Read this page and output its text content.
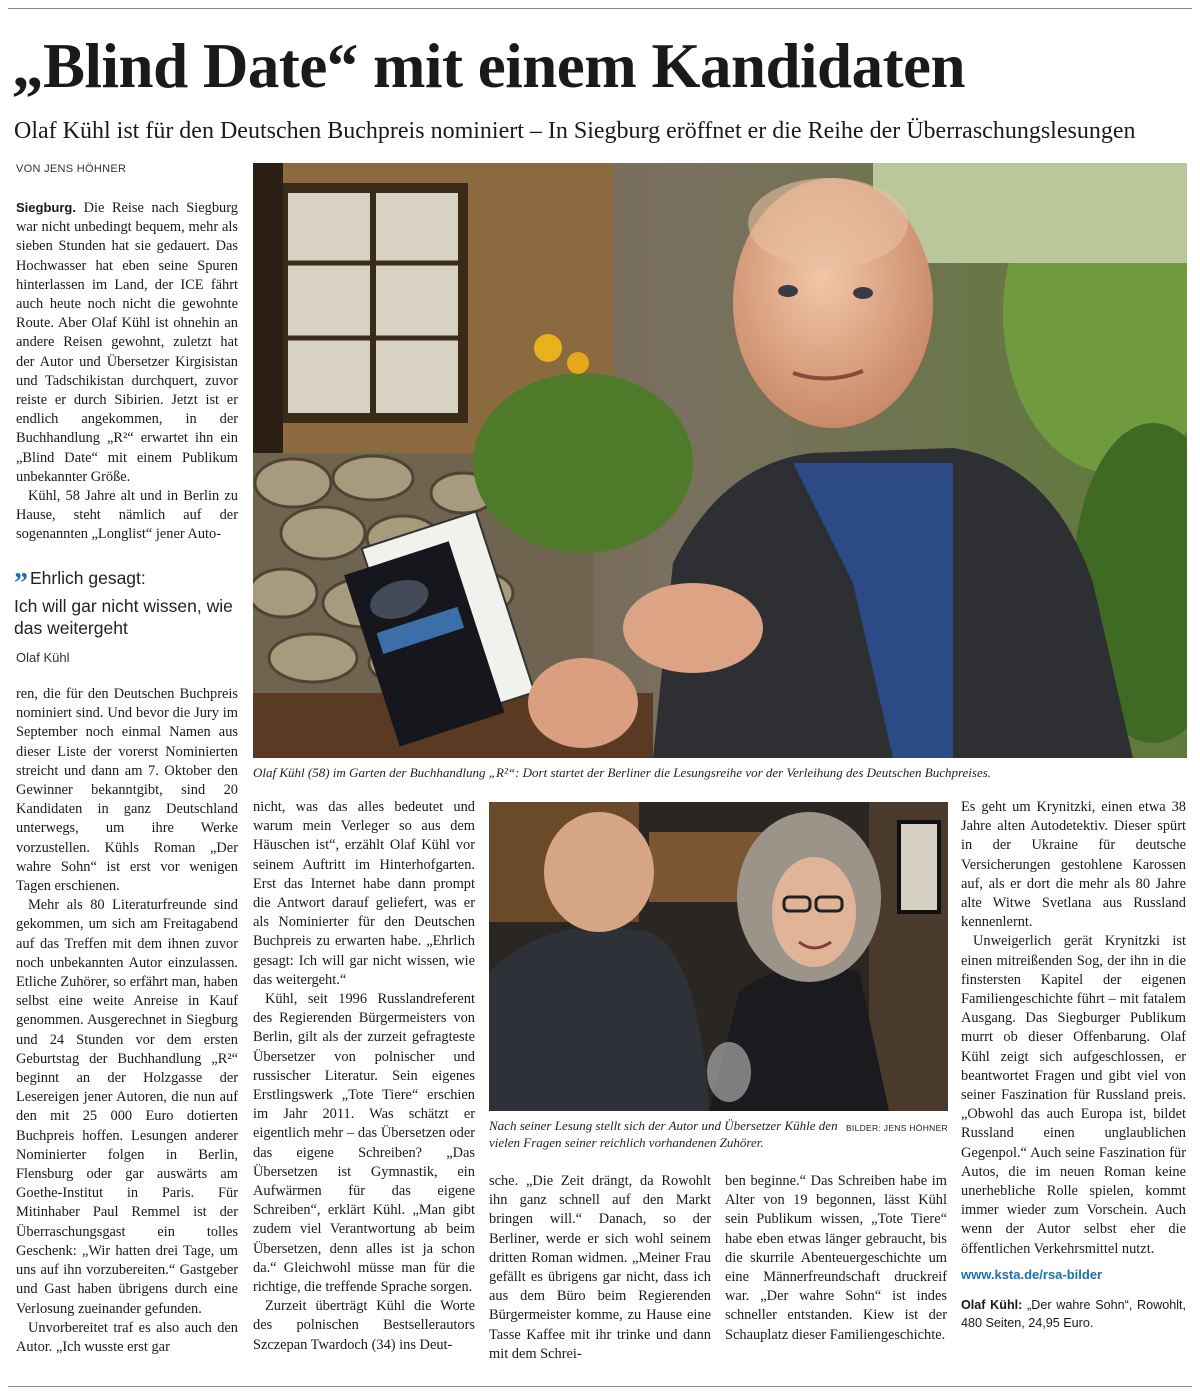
„Blind Date“ mit einem Kandidaten
Olaf Kühl ist für den Deutschen Buchpreis nominiert – In Siegburg eröffnet er die Reihe der Überraschungslesungen
VON JENS HÖHNER

Siegburg. Die Reise nach Siegburg war nicht unbedingt bequem, mehr als sieben Stunden hat sie gedauert. Das Hochwasser hat eben seine Spuren hinterlassen im Land, der ICE fährt auch heute noch nicht die gewohnte Route. Aber Olaf Kühl ist ohnehin an andere Reisen gewohnt, zuletzt hat der Autor und Übersetzer Kirgisistan und Tadschikistan durchquert, zuvor reiste er durch Sibirien. Jetzt ist er endlich angekommen, in der Buchhandlung „R²“ erwartet ihn ein „Blind Date“ mit einem Publikum unbekannter Größe.

Kühl, 58 Jahre alt und in Berlin zu Hause, steht nämlich auf der sogenannten „Longlist“ jener Auto-

” Ehrlich gesagt:
Ich will gar nicht wissen, wie das weitergeht
Olaf Kühl

ren, die für den Deutschen Buchpreis nominiert sind. Und bevor die Jury im September noch einmal Namen aus dieser Liste der vorerst Nominierten streicht und dann am 7. Oktober den Gewinner bekanntgibt, sind 20 Kandidaten in ganz Deutschland unterwegs, um ihre Werke vorzustellen. Kühls Roman „Der wahre Sohn“ ist erst vor wenigen Tagen erschienen.

Mehr als 80 Literaturfreunde sind gekommen, um sich am Freitagabend auf das Treffen mit dem ihnen zuvor noch unbekannten Autor einzulassen. Etliche Zuhörer, so erfährt man, haben selbst eine weite Anreise in Kauf genommen. Ausgerechnet in Siegburg und 24 Stunden vor dem ersten Geburtstag der Buchhandlung „R²“ beginnt an der Holzgasse der Lesereigen jener Autoren, die nun auf den mit 25 000 Euro dotierten Buchpreis hoffen. Lesungen anderer Nominierter folgen in Berlin, Flensburg oder gar auswärts am Goethe-Institut in Paris. Für Mitinhaber Paul Remmel ist der Überraschungsgast ein tolles Geschenk: „Wir hatten drei Tage, um uns auf ihn vorzubereiten.“ Gastgeber und Gast haben übrigens durch eine Verlosung zueinander gefunden.

Unvorbereitet traf es also auch den Autor. „Ich wusste erst gar

Olaf Kühl (58) im Garten der Buchhandlung „R²“: Dort startet der Berliner die Lesungsreihe vor der Verleihung des Deutschen Buchpreises.
BILDER: JENS HÖHNER
Nach seiner Lesung stellt sich der Autor und Übersetzer Kühle den vielen Fragen seiner reichlich vorhandenen Zuhörer.

nicht, was das alles bedeutet und warum mein Verleger so aus dem Häuschen ist“, erzählt Olaf Kühl vor seinem Auftritt im Hinterhofgarten. Erst das Internet habe dann prompt die Antwort darauf geliefert, was er als Nominierter für den Deutschen Buchpreis zu erwarten habe. „Ehrlich gesagt: Ich will gar nicht wissen, wie das weitergeht.“

Kühl, seit 1996 Russlandreferent des Regierenden Bürgermeisters von Berlin, gilt als der zurzeit gefragteste Übersetzer von polnischer und russischer Literatur. Sein eigenes Erstlingswerk „Tote Tiere“ erschien im Jahr 2011. Was schätzt er eigentlich mehr – das Übersetzen oder das eigene Schreiben? „Das Übersetzen ist Gymnastik, ein Aufwärmen für das eigene Schreiben“, erklärt Kühl. „Man gibt zudem viel Verantwortung ab beim Übersetzen, denn alles ist ja schon da.“ Gleichwohl müsse man für die richtige, die treffende Sprache sorgen.

Zurzeit überträgt Kühl die Worte des polnischen Bestsellerautors Szczepan Twardoch (34) ins Deut-

sche. „Die Zeit drängt, da Rowohlt ihn ganz schnell auf den Markt bringen will.“ Danach, so der Berliner, werde er sich wohl seinem dritten Roman widmen. „Meiner Frau gefällt es übrigens gar nicht, dass ich aus dem Büro beim Regierenden Bürgermeister komme, zu Hause eine Tasse Kaffee mit ihr trinke und dann mit dem Schrei-

ben beginne.“ Das Schreiben habe im Alter von 19 begonnen, lässt Kühl sein Publikum wissen, „Tote Tiere“ habe eben etwas länger gebraucht, bis die skurrile Abenteuergeschichte um eine Männerfreundschaft druckreif war. „Der wahre Sohn“ ist indes schneller entstanden. Kiew ist der Schauplatz dieser Familiengeschichte.

Es geht um Krynitzki, einen etwa 38 Jahre alten Autodetektiv. Dieser spürt in der Ukraine für deutsche Versicherungen gestohlene Karossen auf, als er dort die mehr als 80 Jahre alte Witwe Svetlana aus Russland kennenlernt.

Unweigerlich gerät Krynitzki ist einen mitreißenden Sog, der ihn in die finstersten Kapitel der eigenen Familiengeschichte führt – mit fatalem Ausgang. Das Siegburger Publikum murrt ob dieser Offenbarung. Olaf Kühl zeigt sich aufgeschlossen, er beantwortet Fragen und gibt viel von seiner Faszination für Russland preis. „Obwohl das auch Europa ist, bildet Russland einen unglaublichen Gegenpol.“ Auch seine Faszination für Autos, die im neuen Roman keine unerhebliche Rolle spielen, kommt immer wieder zum Vorschein. Auch wenn der Autor selbst eher die öffentlichen Verkehrsmittel nutzt.

www.ksta.de/rsa-bilder
Olaf Kühl: „Der wahre Sohn“, Rowohlt, 480 Seiten, 24,95 Euro.
